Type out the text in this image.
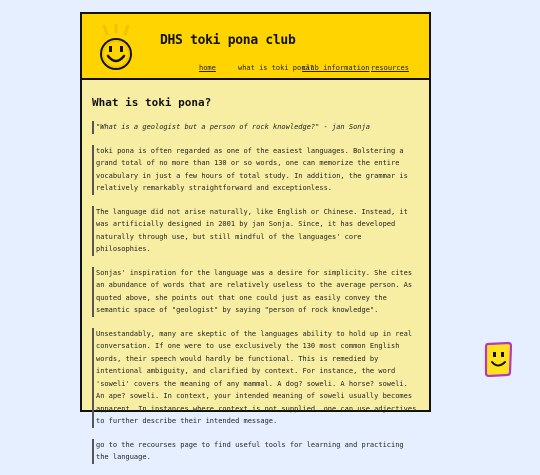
DHS toki pona club
home	what is toki pona?
club information resources
What is toki pona?
"What is a geologist but a person of rock knowledge?" - jan Sonja
toki pona is often regarded as one of the easiest languages. Bolstering a grand total of no more than 130 or so words, one can memorize the entire vocabulary in just a few hours of total study. In addition, the grammar is relatively remarkably straightforward and exceptionless.
The language did not arise naturally, like English or Chinese. Instead, it was artificially designed in 2001 by jan Sonja. Since, it has developed naturally through use, but still mindful of the languages' core philosophies.
Sonjas' inspiration for the language was a desire for simplicity. She cites an abundance of words that are relatively useless to the average person. As quoted above, she points out that one could just as easily convey the semantic space of "geologist" by saying "person of rock knowledge".
Unsestandably, many are skeptic of the languages ability to hold up in real conversation. If one were to use exclusively the 130 most common English words, their speech would hardly be functional. This is remedied by intentional ambiguity, and clarified by context. For instance, the word 'soweli' covers the meaning of any mammal. A dog? soweli. A horse? soweli. An ape? soweli. In context, your intended meaning of soweli usually becomes apparent. In instances where context is not supplied, one can use adjectives to further describe their intended message.
go to the recourses page to find useful tools for learning and practicing the language.
